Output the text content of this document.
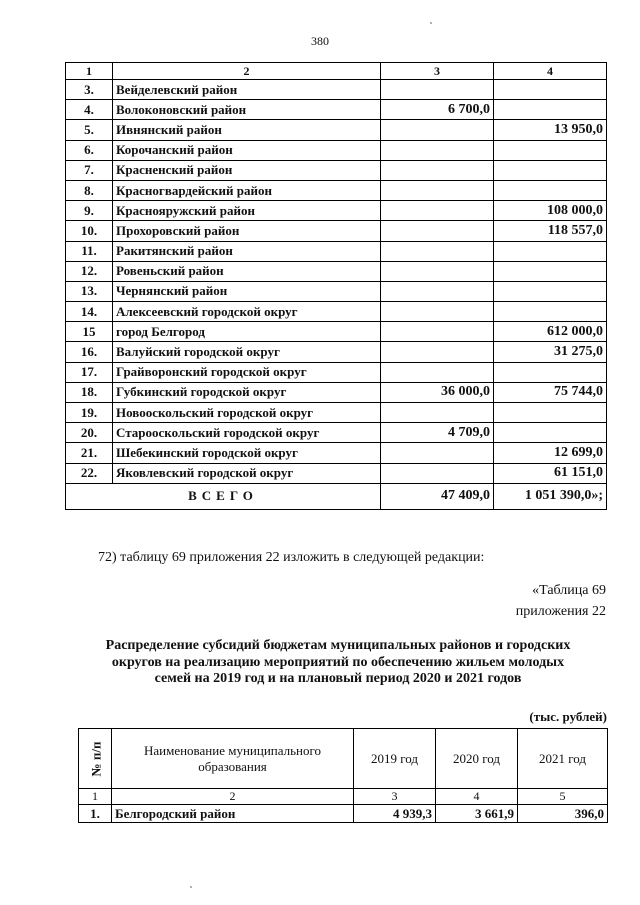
380
1	2	3	4
3.	Вейделевский район		
4.	Волоконовский район	6 700,0	
5.	Ивнянский район		13 950,0
6.	Корочанский район		
7.	Красненский район		
8.	Красногвардейский район		
9.	Краснояружский район		108 000,0
10.	Прохоровский район		118 557,0
11.	Ракитянский район		
12.	Ровеньский район		
13.	Чернянский район		
14.	Алексеевский городской округ		
15	город Белгород		612 000,0
16.	Валуйский городской округ		31 275,0
17.	Грайворонский городской округ		
18.	Губкинский городской округ	36 000,0	75 744,0
19.	Новооскольский городской округ		
20.	Старооскольский городской округ	4 709,0	
21.	Шебекинский городской округ		12 699,0
22.	Яковлевский городской округ		61 151,0
ВСЕГО		47 409,0	1 051 390,0»;
72) таблицу 69 приложения 22 изложить в следующей редакции:
«Таблица 69
приложения 22
Распределение субсидий бюджетам муниципальных районов и городских
округов на реализацию мероприятий по обеспечению жильем молодых
семей на 2019 год и на плановый период 2020 и 2021 годов
(тыс. рублей)
№ п/п	Наименование муниципального образования	2019 год	2020 год	2021 год
1	2	3	4	5
1.	Белгородский район	4 939,3	3 661,9	396,0
